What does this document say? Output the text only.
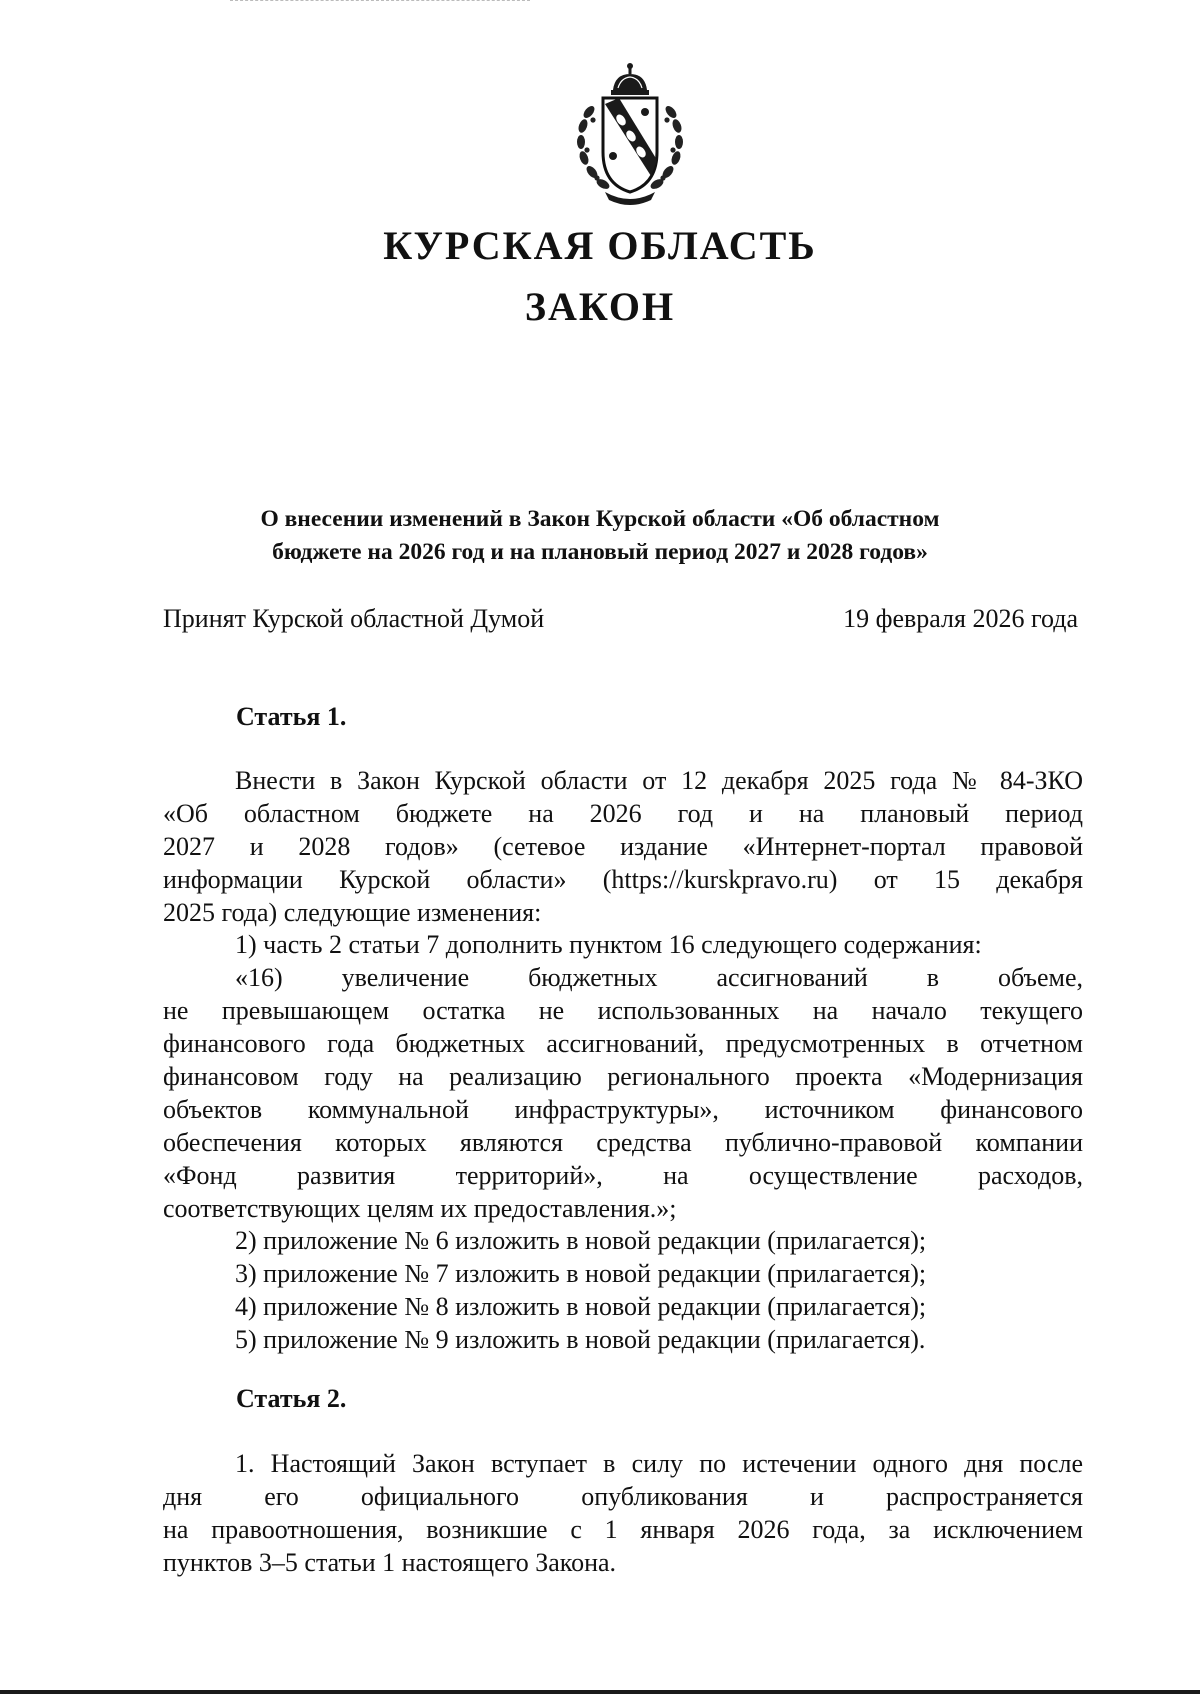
КУРСКАЯ ОБЛАСТЬ
ЗАКОН
О внесении изменений в Закон Курской области «Об областном
бюджете на 2026 год и на плановый период 2027 и 2028 годов»
Принят Курской областной Думой	19 февраля 2026 года
Статья 1.
Внести в Закон Курской области от 12 декабря 2025 года № 84-ЗКО
«Об областном бюджете на 2026 год и на плановый период
2027 и 2028 годов» (сетевое издание «Интернет-портал правовой
информации Курской области» (https://kurskpravo.ru) от 15 декабря
2025 года) следующие изменения:
1) часть 2 статьи 7 дополнить пунктом 16 следующего содержания:
«16) увеличение бюджетных ассигнований в объеме,
не превышающем остатка не использованных на начало текущего
финансового года бюджетных ассигнований, предусмотренных в отчетном
финансовом году на реализацию регионального проекта «Модернизация
объектов коммунальной инфраструктуры», источником финансового
обеспечения которых являются средства публично-правовой компании
«Фонд развития территорий», на осуществление расходов,
соответствующих целям их предоставления.»;
2) приложение № 6 изложить в новой редакции (прилагается);
3) приложение № 7 изложить в новой редакции (прилагается);
4) приложение № 8 изложить в новой редакции (прилагается);
5) приложение № 9 изложить в новой редакции (прилагается).
Статья 2.
1. Настоящий Закон вступает в силу по истечении одного дня после
дня его официального опубликования и распространяется
на правоотношения, возникшие с 1 января 2026 года, за исключением
пунктов 3–5 статьи 1 настоящего Закона.
